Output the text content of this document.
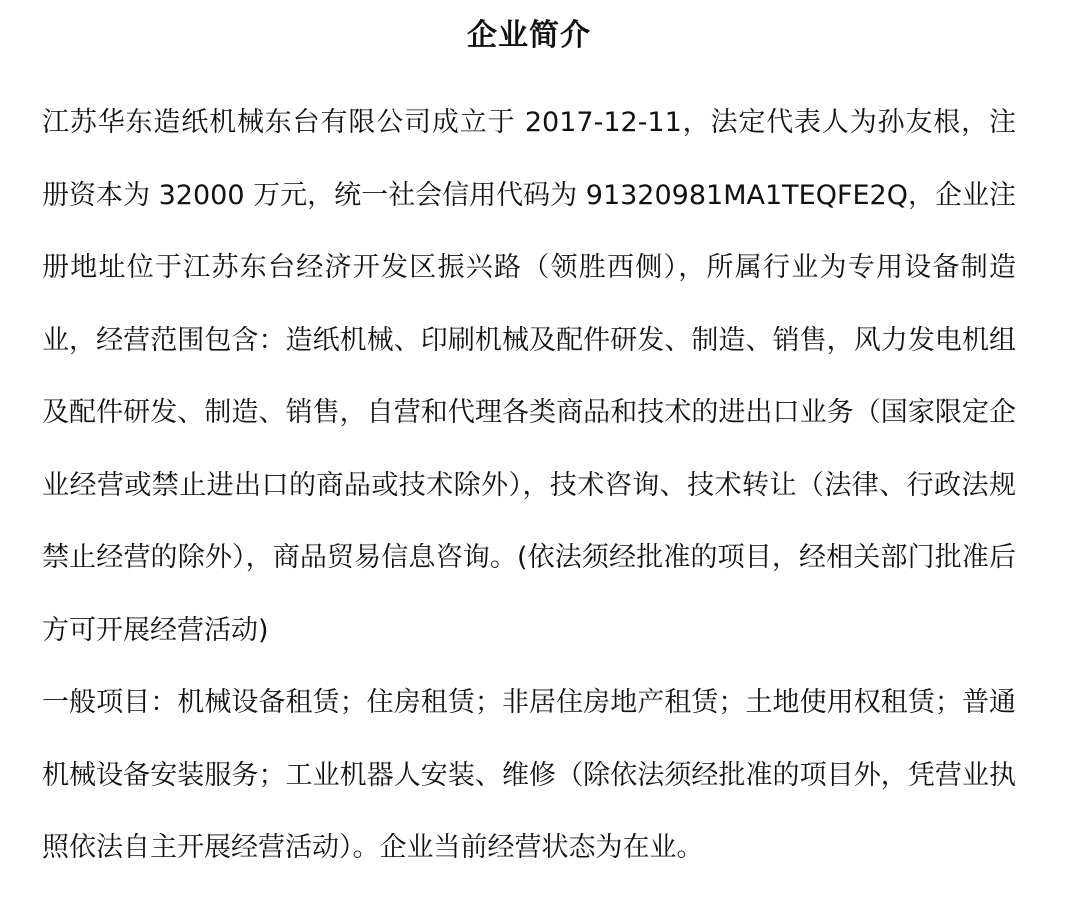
企业简介

江苏华东造纸机械东台有限公司成立于 2017-12-11，法定代表人为孙友根，注册资本为 32000 万元，统一社会信用代码为 91320981MA1TEQFE2Q，企业注册地址位于江苏东台经济开发区振兴路（领胜西侧），所属行业为专用设备制造业，经营范围包含：造纸机械、印刷机械及配件研发、制造、销售，风力发电机组及配件研发、制造、销售，自营和代理各类商品和技术的进出口业务（国家限定企业经营或禁止进出口的商品或技术除外），技术咨询、技术转让（法律、行政法规禁止经营的除外），商品贸易信息咨询。(依法须经批准的项目，经相关部门批准后方可开展经营活动)

一般项目：机械设备租赁；住房租赁；非居住房地产租赁；土地使用权租赁；普通机械设备安装服务；工业机器人安装、维修（除依法须经批准的项目外，凭营业执照依法自主开展经营活动）。企业当前经营状态为在业。
